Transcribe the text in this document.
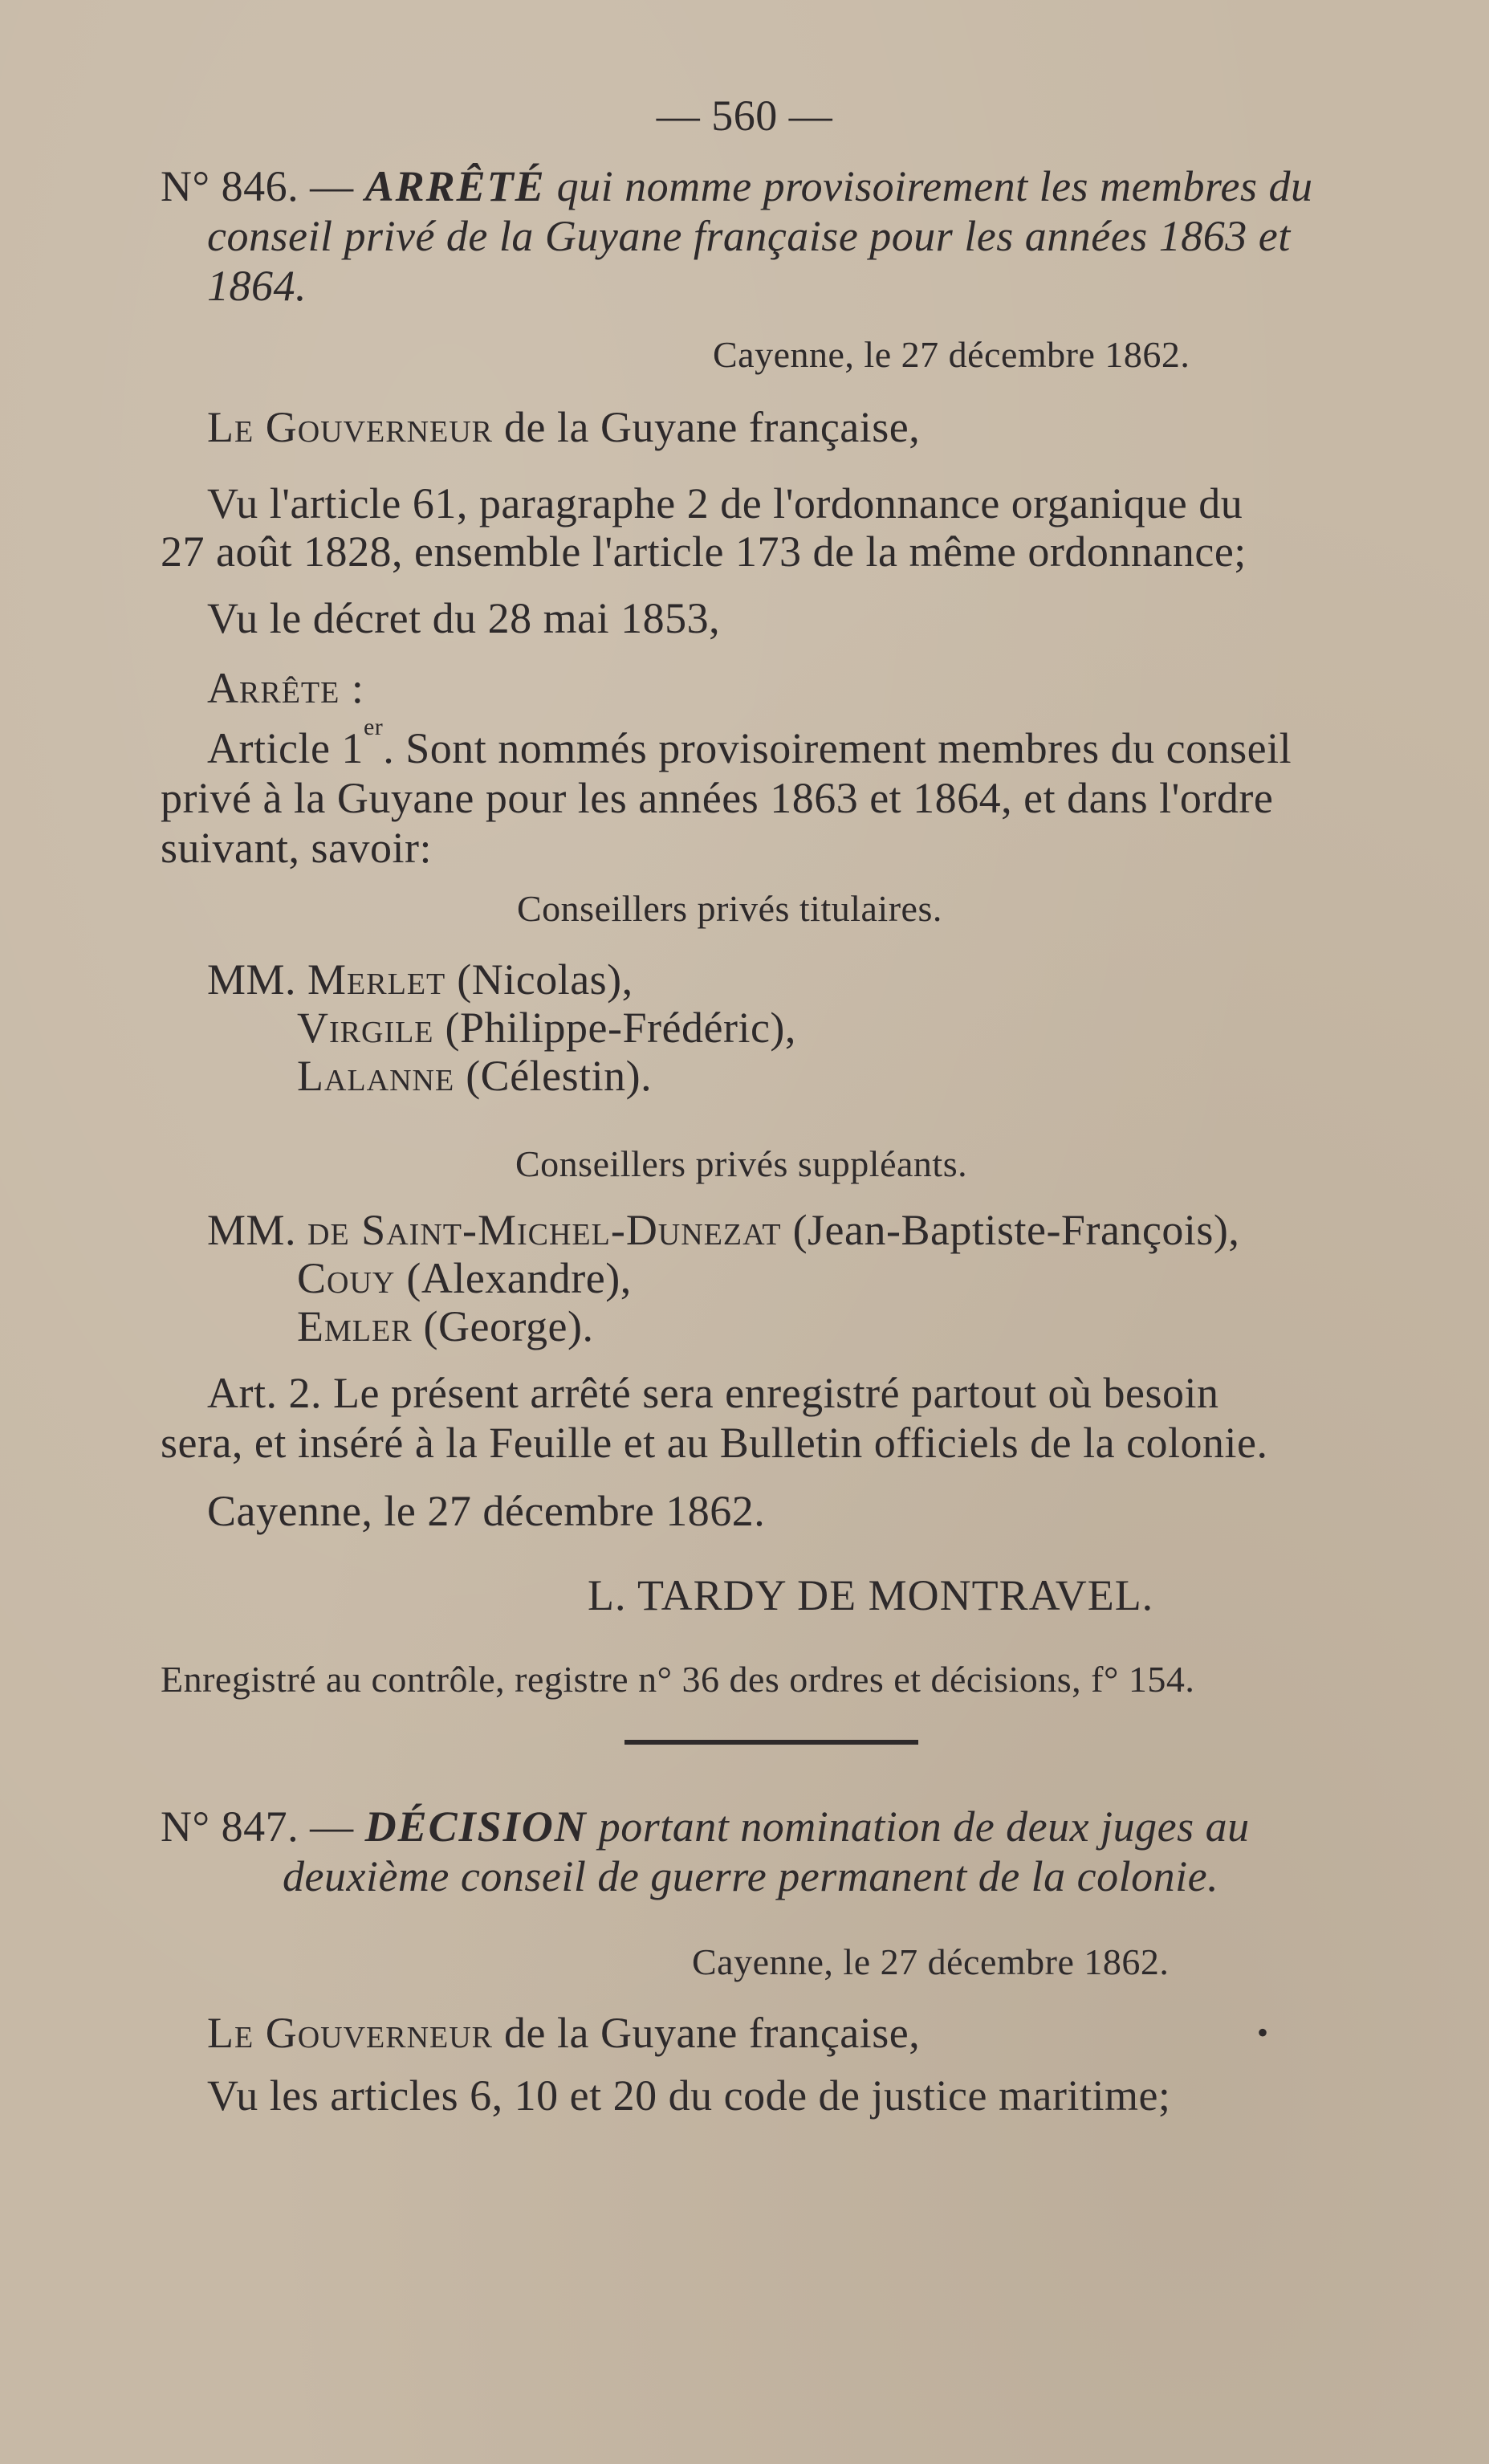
— 560 —
N° 846. — ARRÊTÉ qui nomme provisoirement les membres du
conseil privé de la Guyane française pour les années 1863 et
1864.
Cayenne, le 27 décembre 1862.
Le Gouverneur de la Guyane française,
Vu l'article 61, paragraphe 2 de l'ordonnance organique du
27 août 1828, ensemble l'article 173 de la même ordonnance;
Vu le décret du 28 mai 1853,
Arrête :
Article 1er. Sont nommés provisoirement membres du conseil
privé à la Guyane pour les années 1863 et 1864, et dans l'ordre
suivant, savoir:
Conseillers privés titulaires.
MM. Merlet (Nicolas),
Virgile (Philippe-Frédéric),
Lalanne (Célestin).
Conseillers privés suppléants.
MM. de Saint-Michel-Dunezat (Jean-Baptiste-François),
Couy (Alexandre),
Emler (George).
Art. 2. Le présent arrêté sera enregistré partout où besoin
sera, et inséré à la Feuille et au Bulletin officiels de la colonie.
Cayenne, le 27 décembre 1862.
L. TARDY DE MONTRAVEL.
Enregistré au contrôle, registre n° 36 des ordres et décisions, f° 154.
N° 847. — DÉCISION portant nomination de deux juges au
deuxième conseil de guerre permanent de la colonie.
Cayenne, le 27 décembre 1862.
Le Gouverneur de la Guyane française,	•
Vu les articles 6, 10 et 20 du code de justice maritime;
